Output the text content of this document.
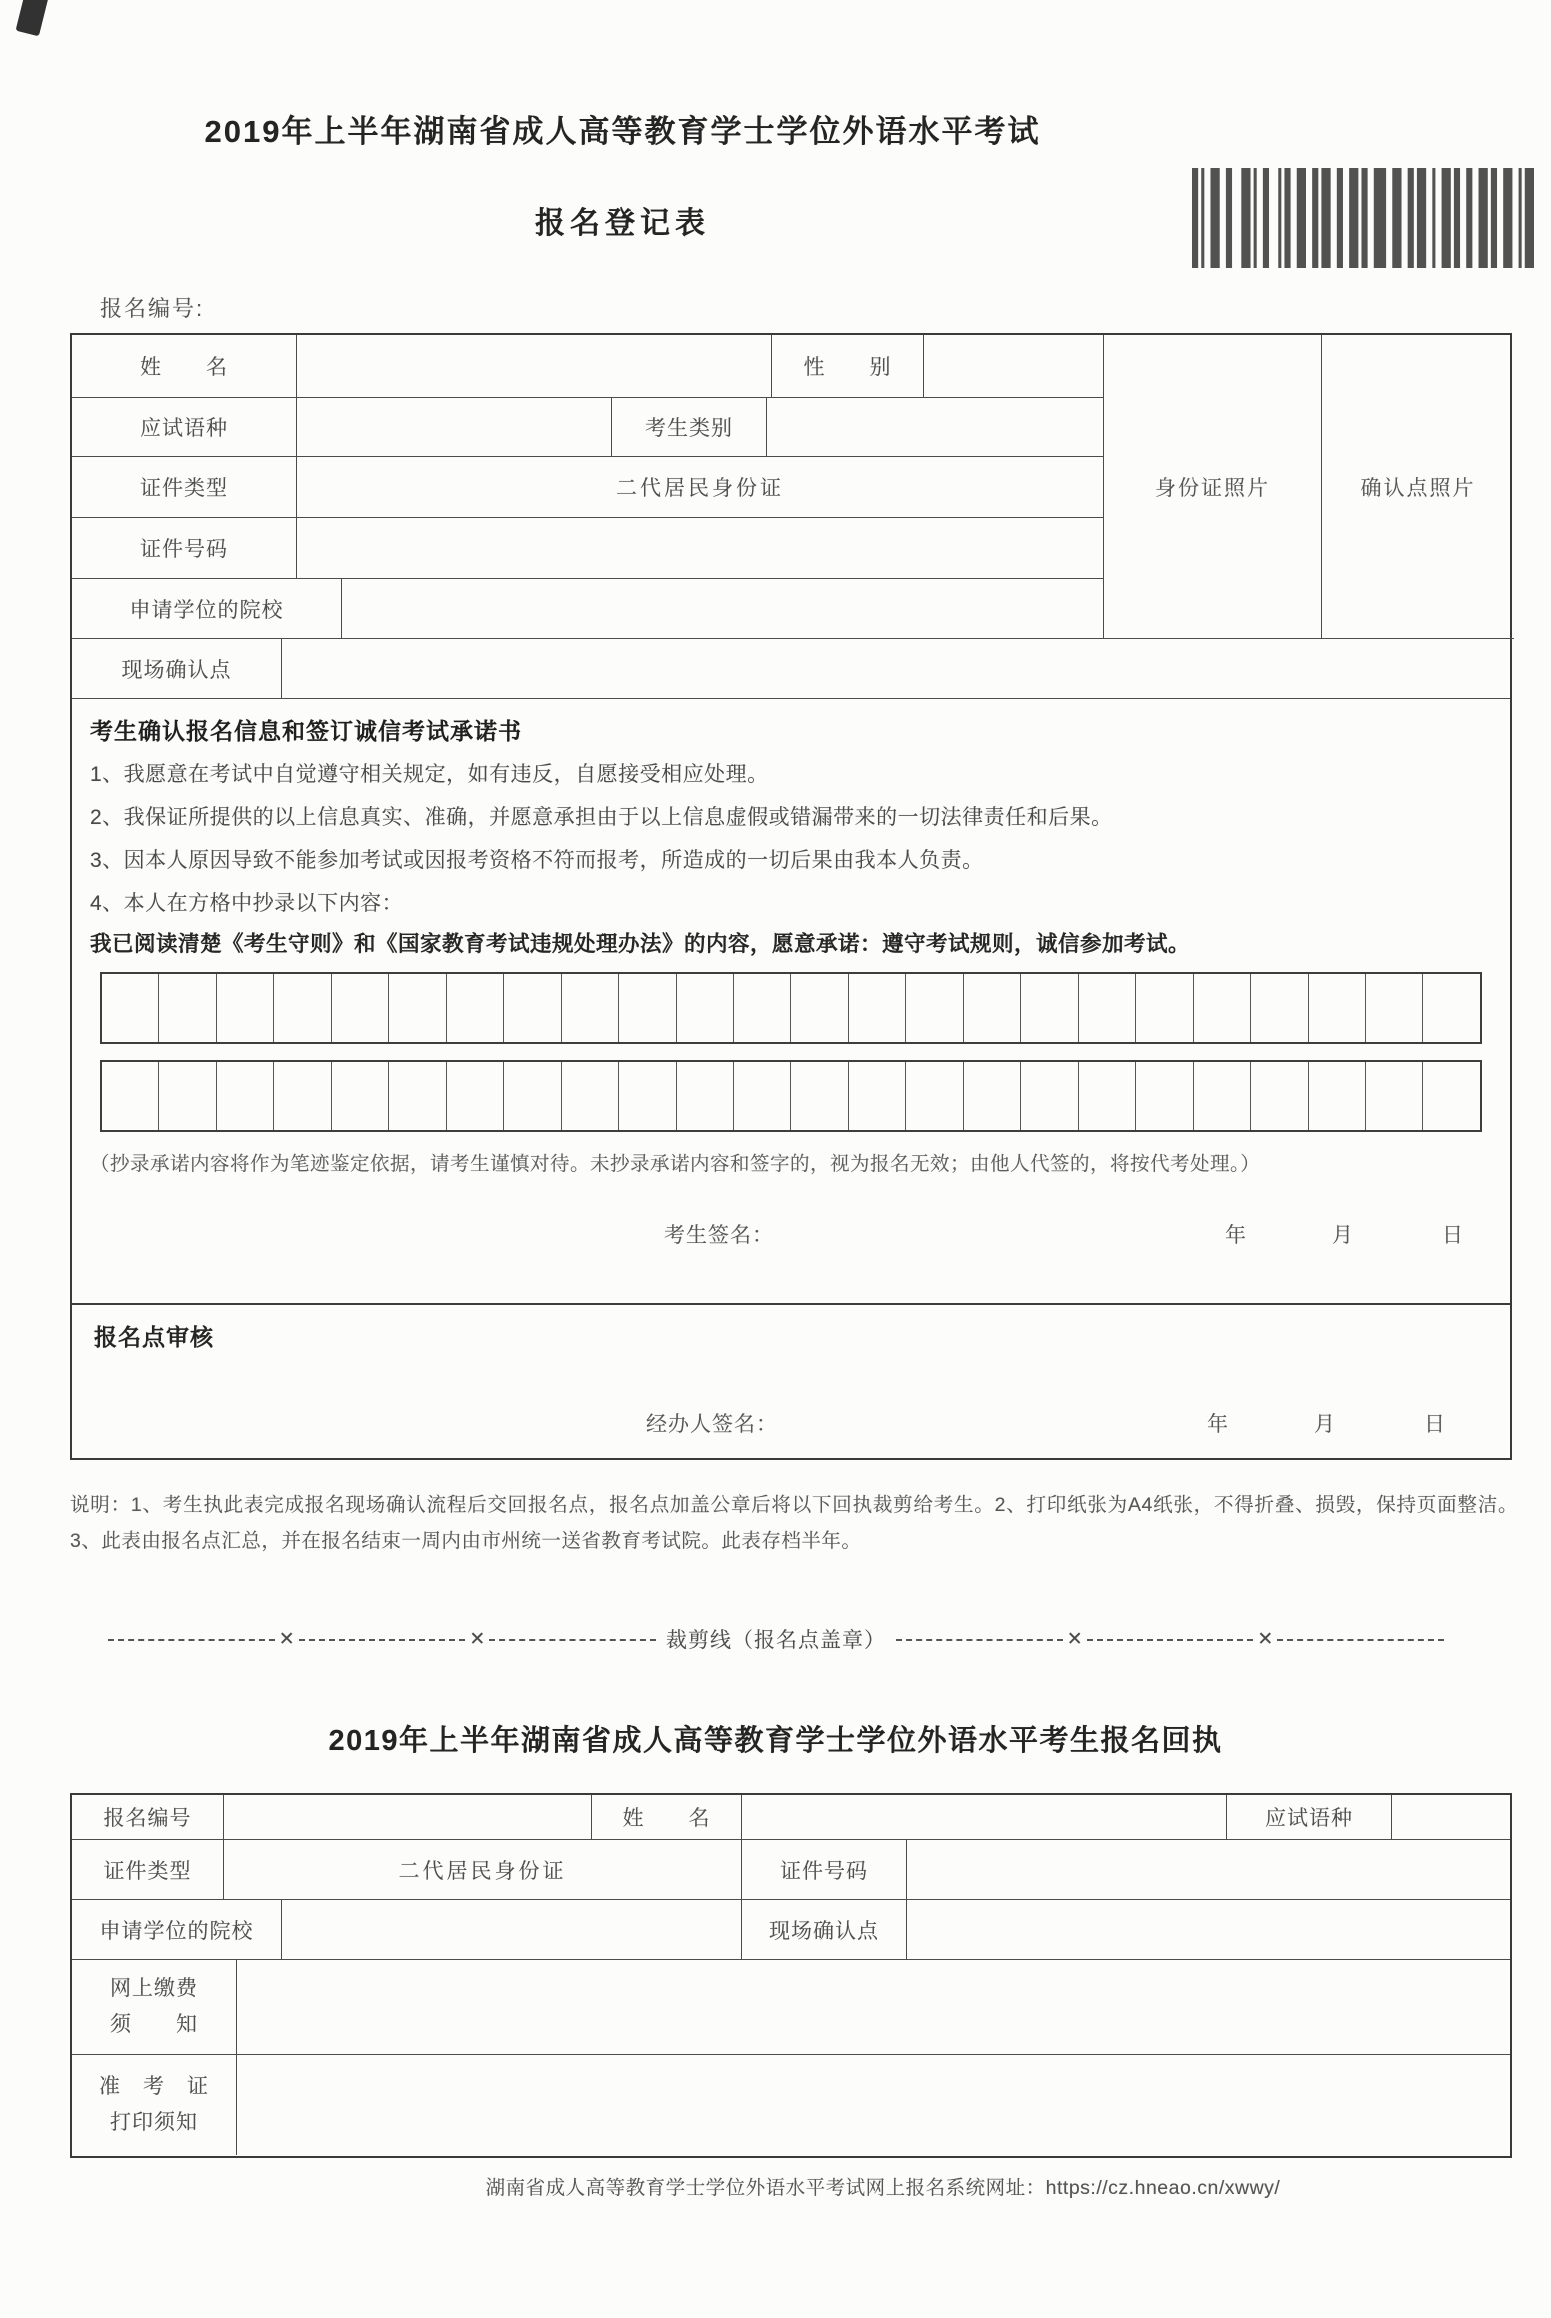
2019年上半年湖南省成人高等教育学士学位外语水平考试
报名登记表
报名编号:
姓　　名	性　　别
应试语种	考生类别
证件类型	二代居民身份证
证件号码
申请学位的院校
身份证照片	确认点照片
现场确认点
考生确认报名信息和签订诚信考试承诺书
1、我愿意在考试中自觉遵守相关规定，如有违反，自愿接受相应处理。
2、我保证所提供的以上信息真实、准确，并愿意承担由于以上信息虚假或错漏带来的一切法律责任和后果。
3、因本人原因导致不能参加考试或因报考资格不符而报考，所造成的一切后果由我本人负责。
4、本人在方格中抄录以下内容：
我已阅读清楚《考生守则》和《国家教育考试违规处理办法》的内容，愿意承诺：遵守考试规则，诚信参加考试。
（抄录承诺内容将作为笔迹鉴定依据，请考生谨慎对待。未抄录承诺内容和签字的，视为报名无效；由他人代签的，将按代考处理。）
考生签名：	年	月	日
报名点审核
经办人签名：	年	月	日
说明：1、考生执此表完成报名现场确认流程后交回报名点，报名点加盖公章后将以下回执裁剪给考生。2、打印纸张为A4纸张，不得折叠、损毁，保持页面整洁。3、此表由报名点汇总，并在报名结束一周内由市州统一送省教育考试院。此表存档半年。
✕	✕	裁剪线（报名点盖章）	✕	✕
2019年上半年湖南省成人高等教育学士学位外语水平考生报名回执
报名编号	姓　　名	应试语种
证件类型	二代居民身份证	证件号码
申请学位的院校	现场确认点
网上缴费
须　　知
准　考　证
打印须知
湖南省成人高等教育学士学位外语水平考试网上报名系统网址：https://cz.hneao.cn/xwwy/
